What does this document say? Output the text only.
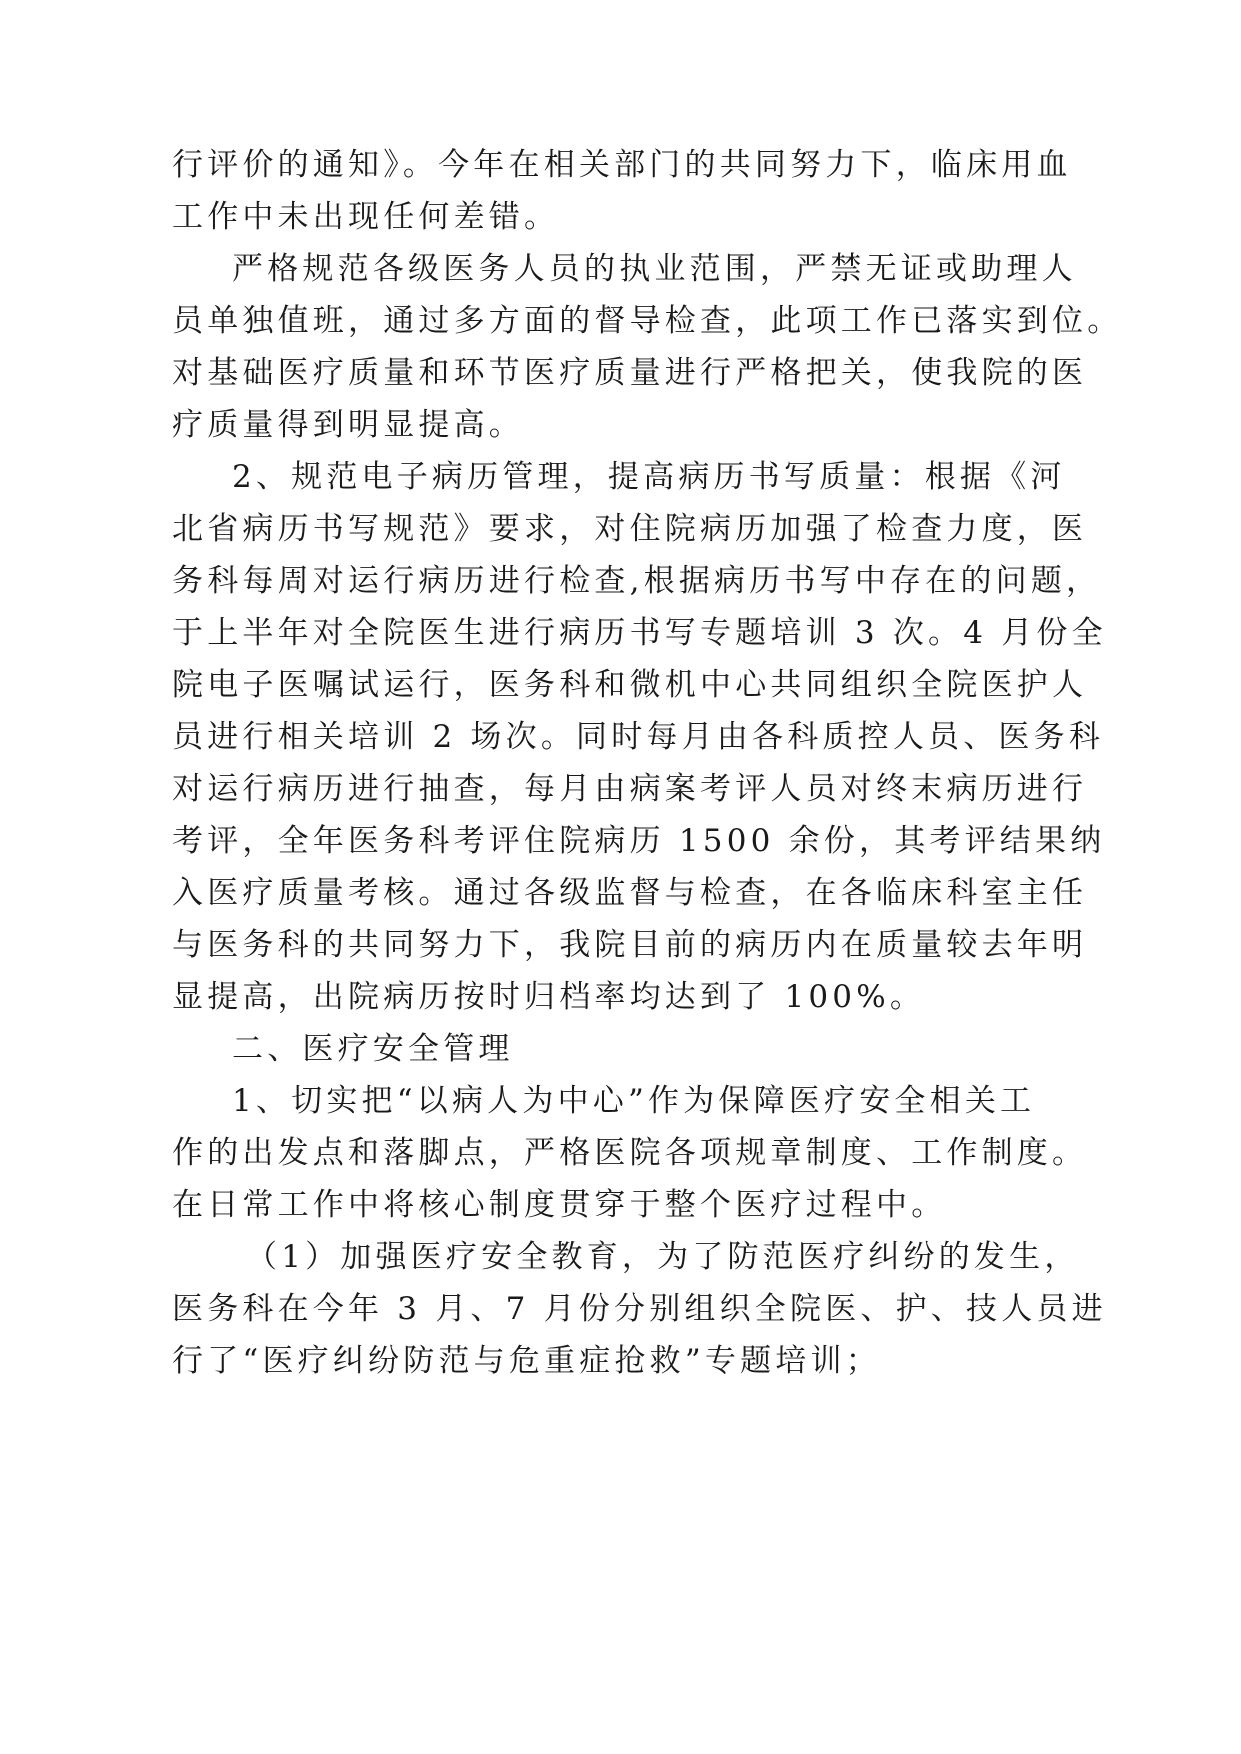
行评价的通知》。今年在相关部门的共同努力下，临床用血
工作中未出现任何差错。
严格规范各级医务人员的执业范围，严禁无证或助理人
员单独值班，通过多方面的督导检查，此项工作已落实到位。
对基础医疗质量和环节医疗质量进行严格把关，使我院的医
疗质量得到明显提高。
2、规范电子病历管理，提高病历书写质量：根据《河
北省病历书写规范》要求，对住院病历加强了检查力度，医
务科每周对运行病历进行检查,根据病历书写中存在的问题，
于上半年对全院医生进行病历书写专题培训 3 次。4 月份全
院电子医嘱试运行，医务科和微机中心共同组织全院医护人
员进行相关培训 2 场次。同时每月由各科质控人员、医务科
对运行病历进行抽查，每月由病案考评人员对终末病历进行
考评，全年医务科考评住院病历 1500 余份，其考评结果纳
入医疗质量考核。通过各级监督与检查，在各临床科室主任
与医务科的共同努力下，我院目前的病历内在质量较去年明
显提高，出院病历按时归档率均达到了 100%。
二、医疗安全管理
1、切实把“以病人为中心”作为保障医疗安全相关工
作的出发点和落脚点，严格医院各项规章制度、工作制度。
在日常工作中将核心制度贯穿于整个医疗过程中。
（1）加强医疗安全教育，为了防范医疗纠纷的发生，
医务科在今年 3 月、7 月份分别组织全院医、护、技人员进
行了“医疗纠纷防范与危重症抢救”专题培训；
